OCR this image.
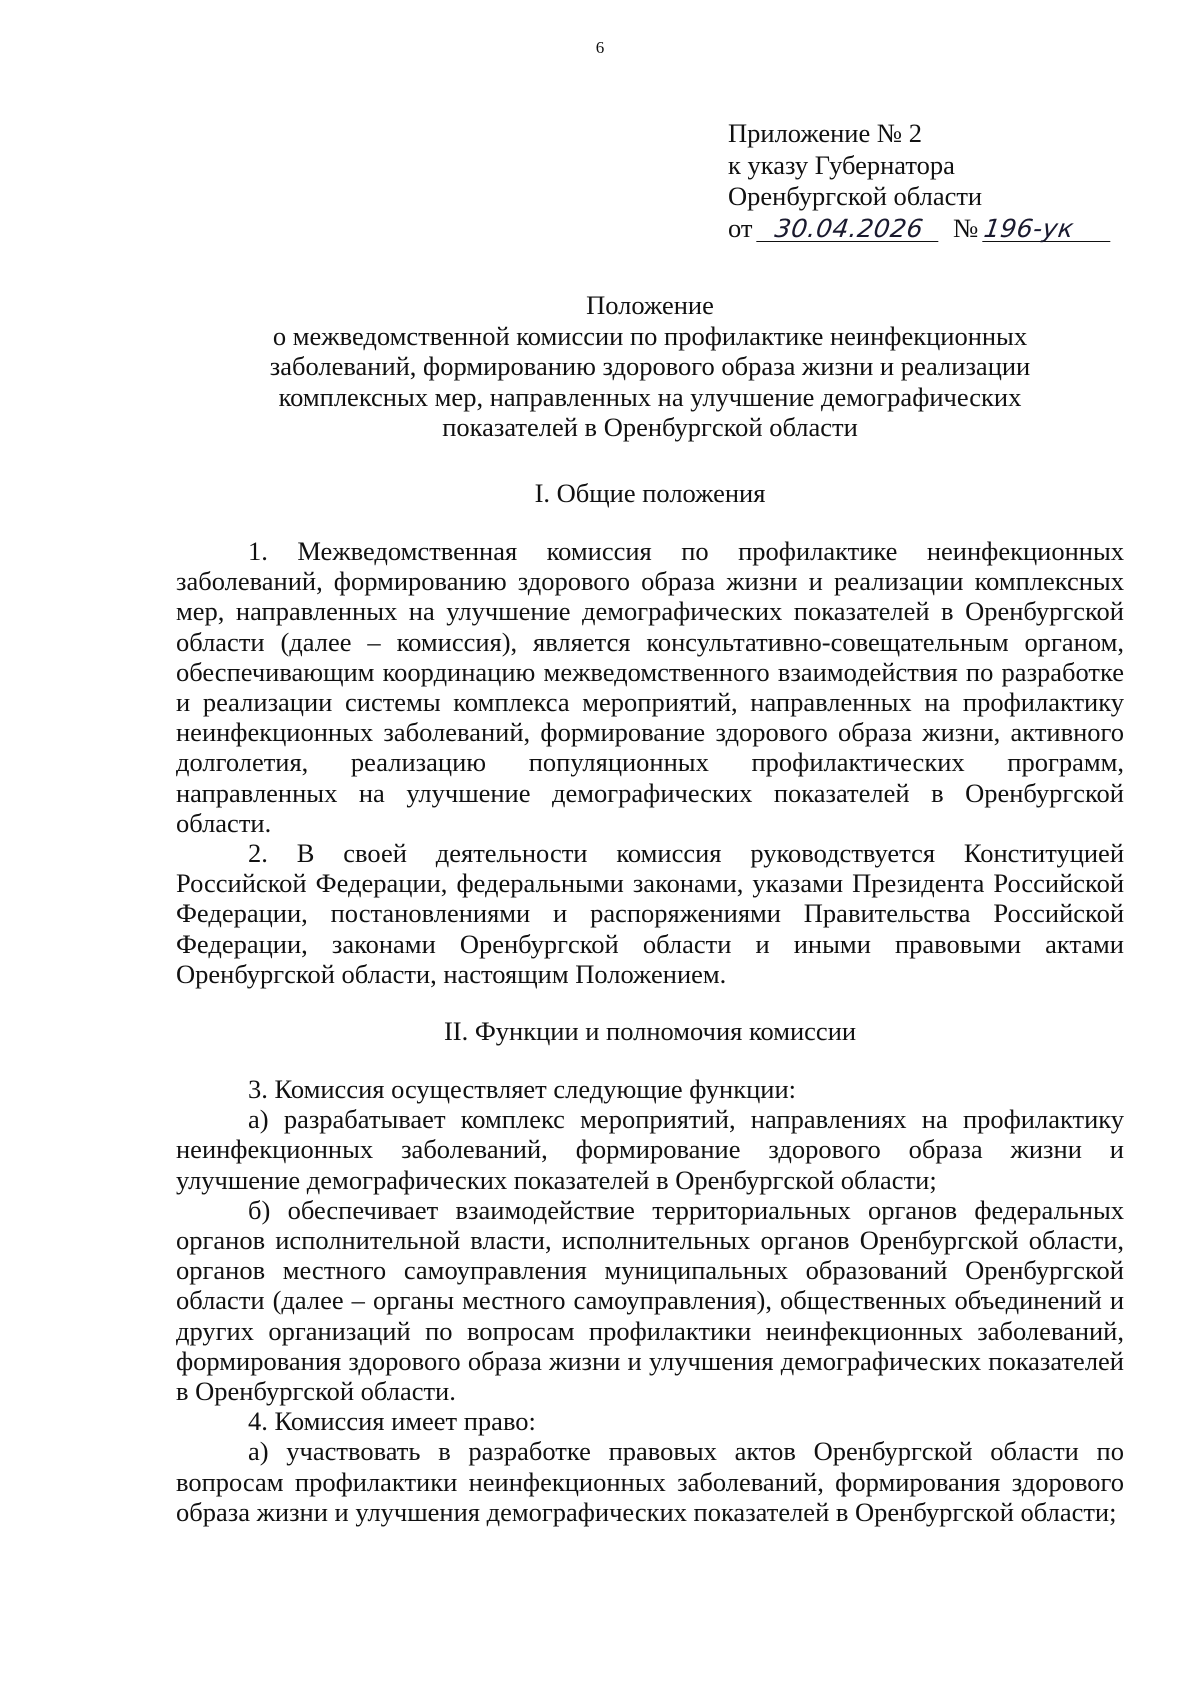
6
Приложение № 2
к указу Губернатора
Оренбургской области
от 30.04.2026 № 196-ук
Положение
о межведомственной комиссии по профилактике неинфекционных
заболеваний, формированию здорового образа жизни и реализации
комплексных мер, направленных на улучшение демографических
показателей в Оренбургской области
I. Общие положения

1. Межведомственная комиссия по профилактике неинфекционных заболеваний, формированию здорового образа жизни и реализации комплексных мер, направленных на улучшение демографических показателей в Оренбургской области (далее – комиссия), является консультативно-совещательным органом, обеспечивающим координацию межведомственного взаимодействия по разработке и реализации системы комплекса мероприятий, направленных на профилактику неинфекционных заболеваний, формирование здорового образа жизни, активного долголетия, реализацию популяционных профилактических программ, направленных на улучшение демографических показателей в Оренбургской области.

2. В своей деятельности комиссия руководствуется Конституцией Российской Федерации, федеральными законами, указами Президента Российской Федерации, постановлениями и распоряжениями Правительства Российской Федерации, законами Оренбургской области и иными правовыми актами Оренбургской области, настоящим Положением.

II. Функции и полномочия комиссии

3. Комиссия осуществляет следующие функции:

а) разрабатывает комплекс мероприятий, направлениях на профилактику неинфекционных заболеваний, формирование здорового образа жизни и улучшение демографических показателей в Оренбургской области;

б) обеспечивает взаимодействие территориальных органов федеральных органов исполнительной власти, исполнительных органов Оренбургской области, органов местного самоуправления муниципальных образований Оренбургской области (далее – органы местного самоуправления), общественных объединений и других организаций по вопросам профилактики неинфекционных заболеваний, формирования здорового образа жизни и улучшения демографических показателей в Оренбургской области.

4. Комиссия имеет право:

а) участвовать в разработке правовых актов Оренбургской области по вопросам профилактики неинфекционных заболеваний, формирования здорового образа жизни и улучшения демографических показателей в Оренбургской области;
